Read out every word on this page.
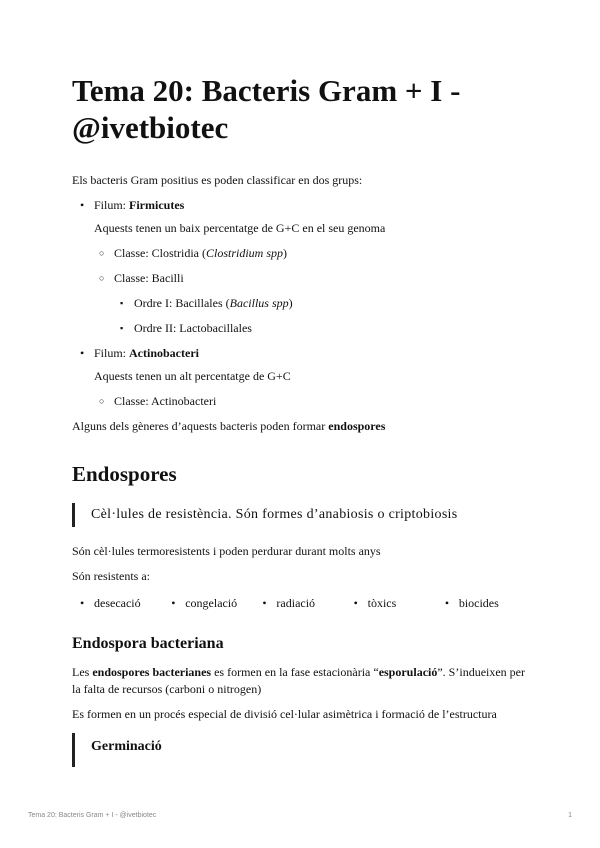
Tema 20: Bacteris Gram + I - @ivetbiotec

Els bacteris Gram positius es poden classificar en dos grups:

• Filum: Firmicutes

Aquests tenen un baix percentatge de G+C en el seu genoma

○ Classe: Clostridia (Clostridium spp)
○ Classe: Bacilli
▪ Ordre I: Bacillales (Bacillus spp)
▪ Ordre II: Lactobacillales
• Filum: Actinobacteri

Aquests tenen un alt percentatge de G+C

○ Classe: Actinobacteri

Alguns dels gèneres d’aquests bacteris poden formar endospores

Endospores
Cèl·lules de resistència. Són formes d’anabiosis o criptobiosis

Són cèl·lules termoresistents i poden perdurar durant molts anys

Són resistents a:

• desecació	• congelació	• radiació	• tòxics	• biocides
Endospora bacteriana

Les endospores bacterianes es formen en la fase estacionària “esporulació”. S’indueixen per la falta de recursos (carboni o nitrogen)

Es formen en un procés especial de divisió cel·lular asimètrica i formació de l’estructura

Germinació
Tema 20: Bacteris Gram + I - @ivetbiotec	1
